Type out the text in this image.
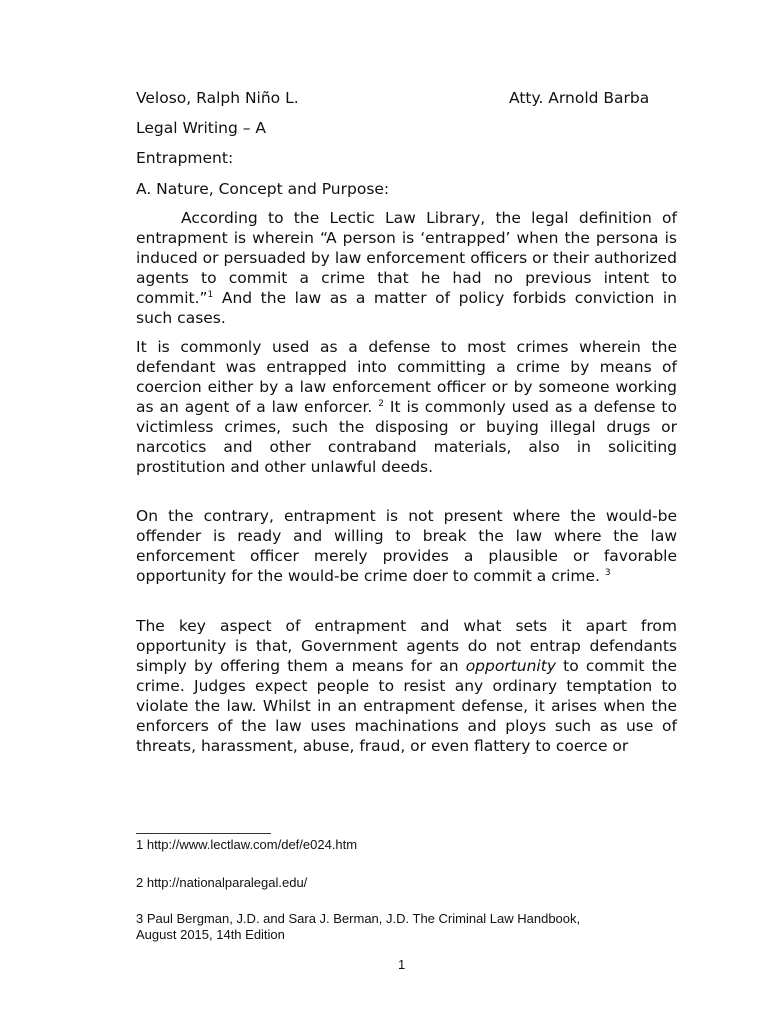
Veloso, Ralph Niño L.	Atty. Arnold Barba
Legal Writing – A
Entrapment:
A. Nature, Concept and Purpose:

According to the Lectic Law Library, the legal definition of entrapment is wherein “A person is ‘entrapped’ when the persona is induced or persuaded by law enforcement officers or their authorized agents to commit a crime that he had no previous intent to commit.”$^1$ And the law as a matter of policy forbids conviction in such cases.

It is commonly used as a defense to most crimes wherein the defendant was entrapped into committing a crime by means of coercion either by a law enforcement officer or by someone working as an agent of a law enforcer. $^2$ It is commonly used as a defense to victimless crimes, such the disposing or buying illegal drugs or narcotics and other contraband materials, also in soliciting prostitution and other unlawful deeds.

On the contrary, entrapment is not present where the would-be offender is ready and willing to break the law where the law enforcement officer merely provides a plausible or favorable opportunity for the would-be crime doer to commit a crime. $^3$

The key aspect of entrapment and what sets it apart from opportunity is that, Government agents do not entrap defendants simply by offering them a means for an opportunity to commit the crime. Judges expect people to resist any ordinary temptation to violate the law. Whilst in an entrapment defense, it arises when the enforcers of the law uses machinations and ploys such as use of threats, harassment, abuse, fraud, or even flattery to coerce or

1 http://www.lectlaw.com/def/e024.htm
2 http://nationalparalegal.edu/
3 Paul Bergman, J.D. and Sara J. Berman, J.D. The Criminal Law Handbook,
August 2015, 14th Edition
1
